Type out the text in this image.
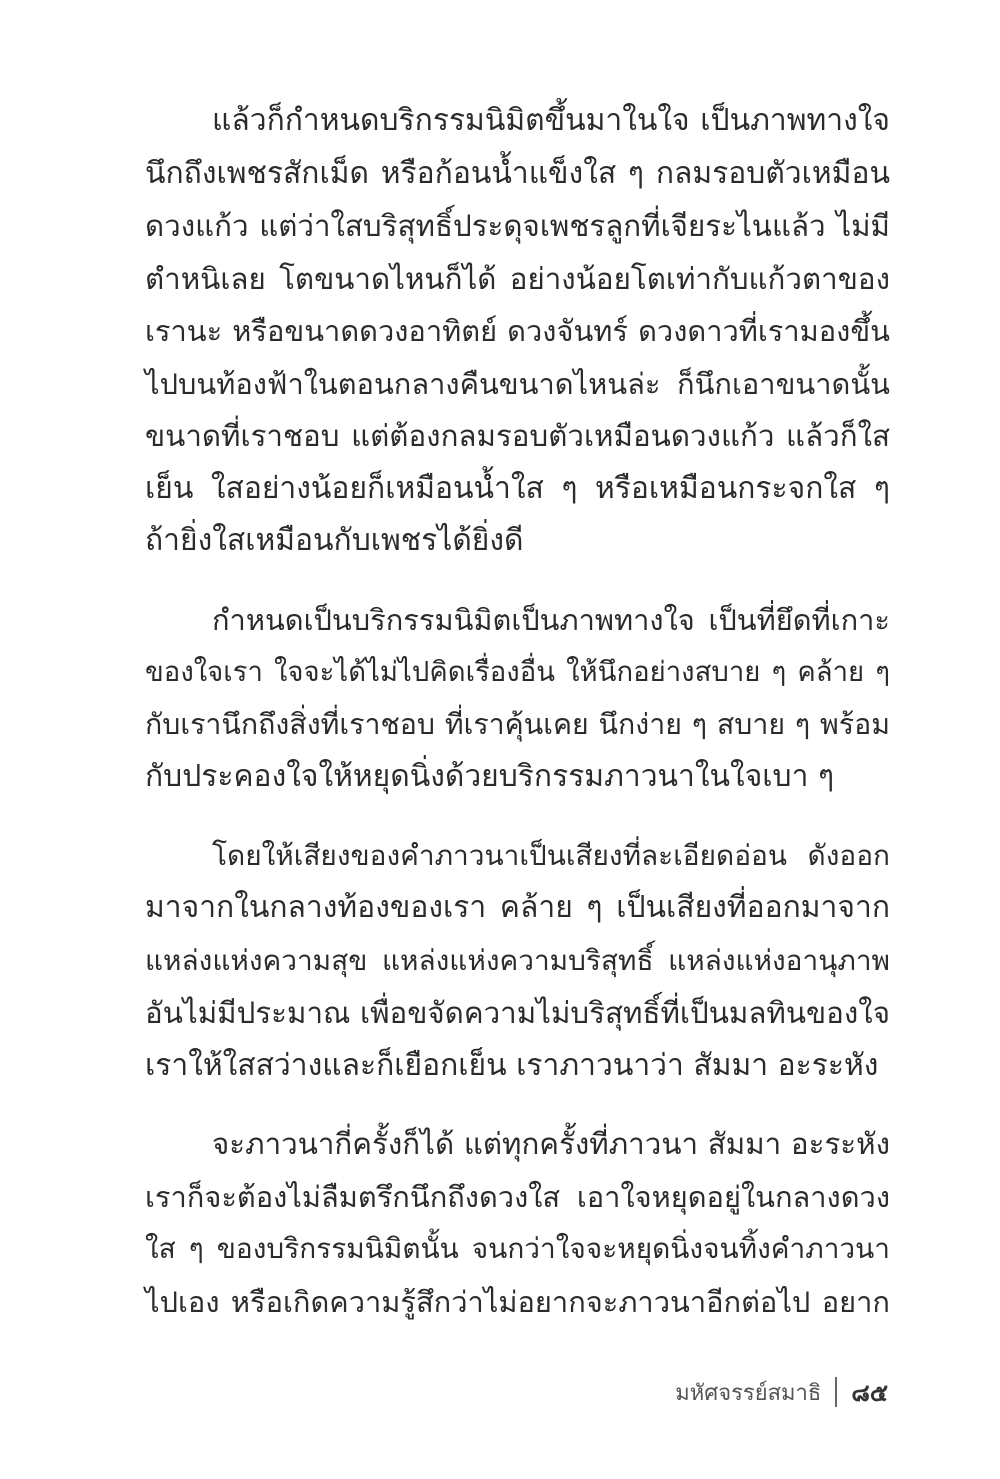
แล้วก็กำหนดบริกรรมนิมิตขึ้นมาในใจ เป็นภาพทางใจ
นึกถึงเพชรสักเม็ด หรือก้อนน้ำแข็งใส ๆ กลมรอบตัวเหมือน
ดวงแก้ว แต่ว่าใสบริสุทธิ์ประดุจเพชรลูกที่เจียระไนแล้ว ไม่มี
ตำหนิเลย โตขนาดไหนก็ได้ อย่างน้อยโตเท่ากับแก้วตาของ
เรานะ หรือขนาดดวงอาทิตย์ ดวงจันทร์ ดวงดาวที่เรามองขึ้น
ไปบนท้องฟ้าในตอนกลางคืนขนาดไหนล่ะ ก็นึกเอาขนาดนั้น
ขนาดที่เราชอบ แต่ต้องกลมรอบตัวเหมือนดวงแก้ว แล้วก็ใส
เย็น ใสอย่างน้อยก็เหมือนน้ำใส ๆ หรือเหมือนกระจกใส ๆ
ถ้ายิ่งใสเหมือนกับเพชรได้ยิ่งดี
กำหนดเป็นบริกรรมนิมิตเป็นภาพทางใจ เป็นที่ยึดที่เกาะ
ของใจเรา ใจจะได้ไม่ไปคิดเรื่องอื่น ให้นึกอย่างสบาย ๆ คล้าย ๆ
กับเรานึกถึงสิ่งที่เราชอบ ที่เราคุ้นเคย นึกง่าย ๆ สบาย ๆ พร้อม
กับประคองใจให้หยุดนิ่งด้วยบริกรรมภาวนาในใจเบา ๆ
โดยให้เสียงของคำภาวนาเป็นเสียงที่ละเอียดอ่อน ดังออก
มาจากในกลางท้องของเรา คล้าย ๆ เป็นเสียงที่ออกมาจาก
แหล่งแห่งความสุข แหล่งแห่งความบริสุทธิ์ แหล่งแห่งอานุภาพ
อันไม่มีประมาณ เพื่อขจัดความไม่บริสุทธิ์ที่เป็นมลทินของใจ
เราให้ใสสว่างและก็เยือกเย็น เราภาวนาว่า สัมมา อะระหัง
จะภาวนากี่ครั้งก็ได้ แต่ทุกครั้งที่ภาวนา สัมมา อะระหัง
เราก็จะต้องไม่ลืมตรึกนึกถึงดวงใส เอาใจหยุดอยู่ในกลางดวง
ใส ๆ ของบริกรรมนิมิตนั้น จนกว่าใจจะหยุดนิ่งจนทิ้งคำภาวนา
ไปเอง หรือเกิดความรู้สึกว่าไม่อยากจะภาวนาอีกต่อไป อยาก
มหัศจรรย์สมาธิ ๘๕
